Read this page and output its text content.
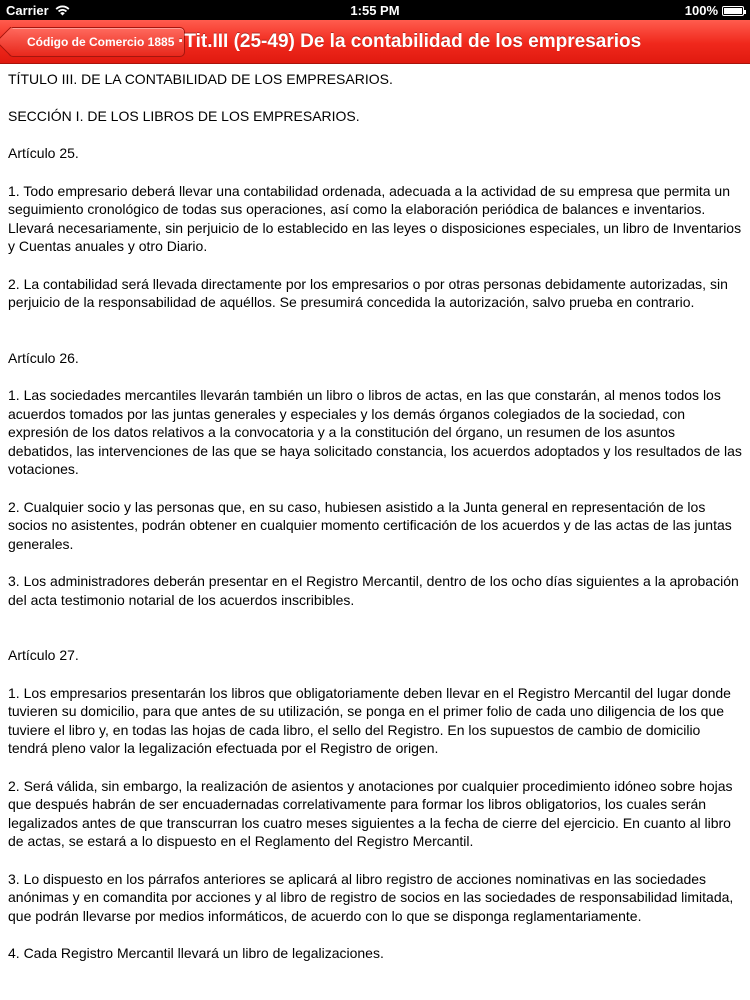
Carrier	1:55 PM	100%
Código de Comercio 1885 ·Tit.III (25-49) De la contabilidad de los empresarios

TÍTULO III. DE LA CONTABILIDAD DE LOS EMPRESARIOS.

SECCIÓN I. DE LOS LIBROS DE LOS EMPRESARIOS.

Artículo 25.

1. Todo empresario deberá llevar una contabilidad ordenada, adecuada a la actividad de su empresa que permita un seguimiento cronológico de todas sus operaciones, así como la elaboración periódica de balances e inventarios. Llevará necesariamente, sin perjuicio de lo establecido en las leyes o disposiciones especiales, un libro de Inventarios y Cuentas anuales y otro Diario.

2. La contabilidad será llevada directamente por los empresarios o por otras personas debidamente autorizadas, sin perjuicio de la responsabilidad de aquéllos. Se presumirá concedida la autorización, salvo prueba en contrario.

Artículo 26.

1. Las sociedades mercantiles llevarán también un libro o libros de actas, en las que constarán, al menos todos los acuerdos tomados por las juntas generales y especiales y los demás órganos colegiados de la sociedad, con expresión de los datos relativos a la convocatoria y a la constitución del órgano, un resumen de los asuntos debatidos, las intervenciones de las que se haya solicitado constancia, los acuerdos adoptados y los resultados de las votaciones.

2. Cualquier socio y las personas que, en su caso, hubiesen asistido a la Junta general en representación de los socios no asistentes, podrán obtener en cualquier momento certificación de los acuerdos y de las actas de las juntas generales.

3. Los administradores deberán presentar en el Registro Mercantil, dentro de los ocho días siguientes a la aprobación del acta testimonio notarial de los acuerdos inscribibles.

Artículo 27.

1. Los empresarios presentarán los libros que obligatoriamente deben llevar en el Registro Mercantil del lugar donde tuvieren su domicilio, para que antes de su utilización, se ponga en el primer folio de cada uno diligencia de los que tuviere el libro y, en todas las hojas de cada libro, el sello del Registro. En los supuestos de cambio de domicilio tendrá pleno valor la legalización efectuada por el Registro de origen.

2. Será válida, sin embargo, la realización de asientos y anotaciones por cualquier procedimiento idóneo sobre hojas que después habrán de ser encuadernadas correlativamente para formar los libros obligatorios, los cuales serán legalizados antes de que transcurran los cuatro meses siguientes a la fecha de cierre del ejercicio. En cuanto al libro de actas, se estará a lo dispuesto en el Reglamento del Registro Mercantil.

3. Lo dispuesto en los párrafos anteriores se aplicará al libro registro de acciones nominativas en las sociedades anónimas y en comandita por acciones y al libro de registro de socios en las sociedades de responsabilidad limitada, que podrán llevarse por medios informáticos, de acuerdo con lo que se disponga reglamentariamente.

4. Cada Registro Mercantil llevará un libro de legalizaciones.
